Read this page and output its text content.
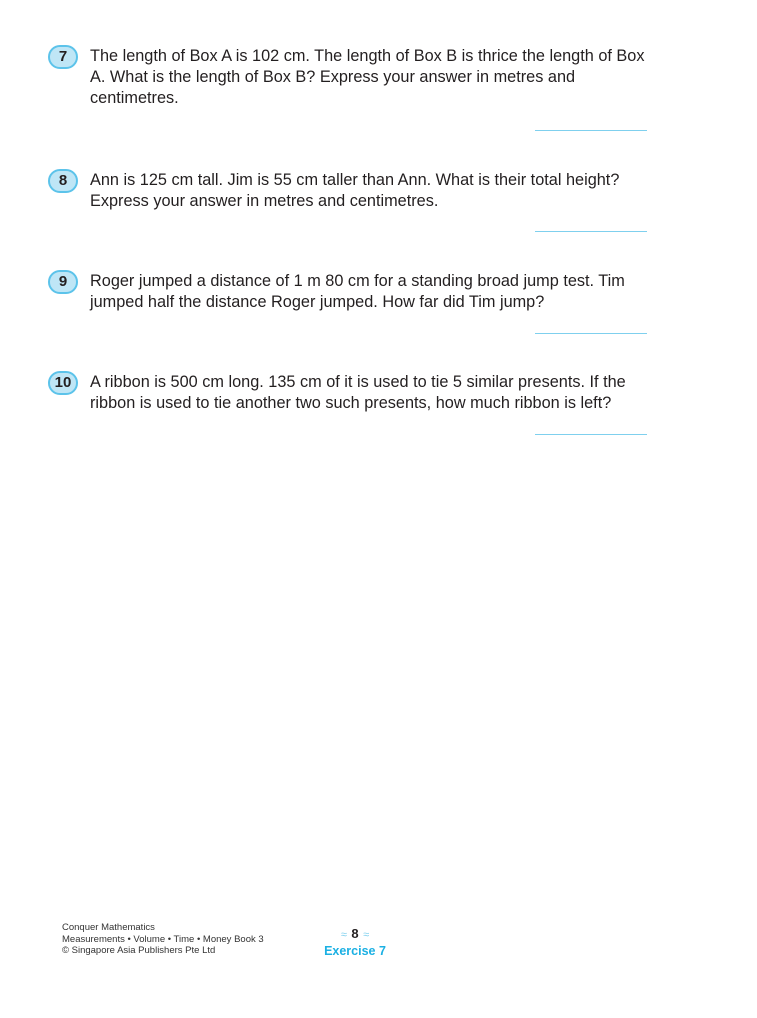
7	The length of Box A is 102 cm. The length of Box B is thrice the length of Box A. What is the length of Box B? Express your answer in metres and centimetres.
8	Ann is 125 cm tall. Jim is 55 cm taller than Ann. What is their total height? Express your answer in metres and centimetres.
9	Roger jumped a distance of 1 m 80 cm for a standing broad jump test. Tim jumped half the distance Roger jumped. How far did Tim jump?
10	A ribbon is 500 cm long. 135 cm of it is used to tie 5 similar presents. If the ribbon is used to tie another two such presents, how much ribbon is left?
Conquer Mathematics
Measurements • Volume • Time • Money Book 3
© Singapore Asia Publishers Pte Ltd
≈ 8 ≈
Exercise 7
